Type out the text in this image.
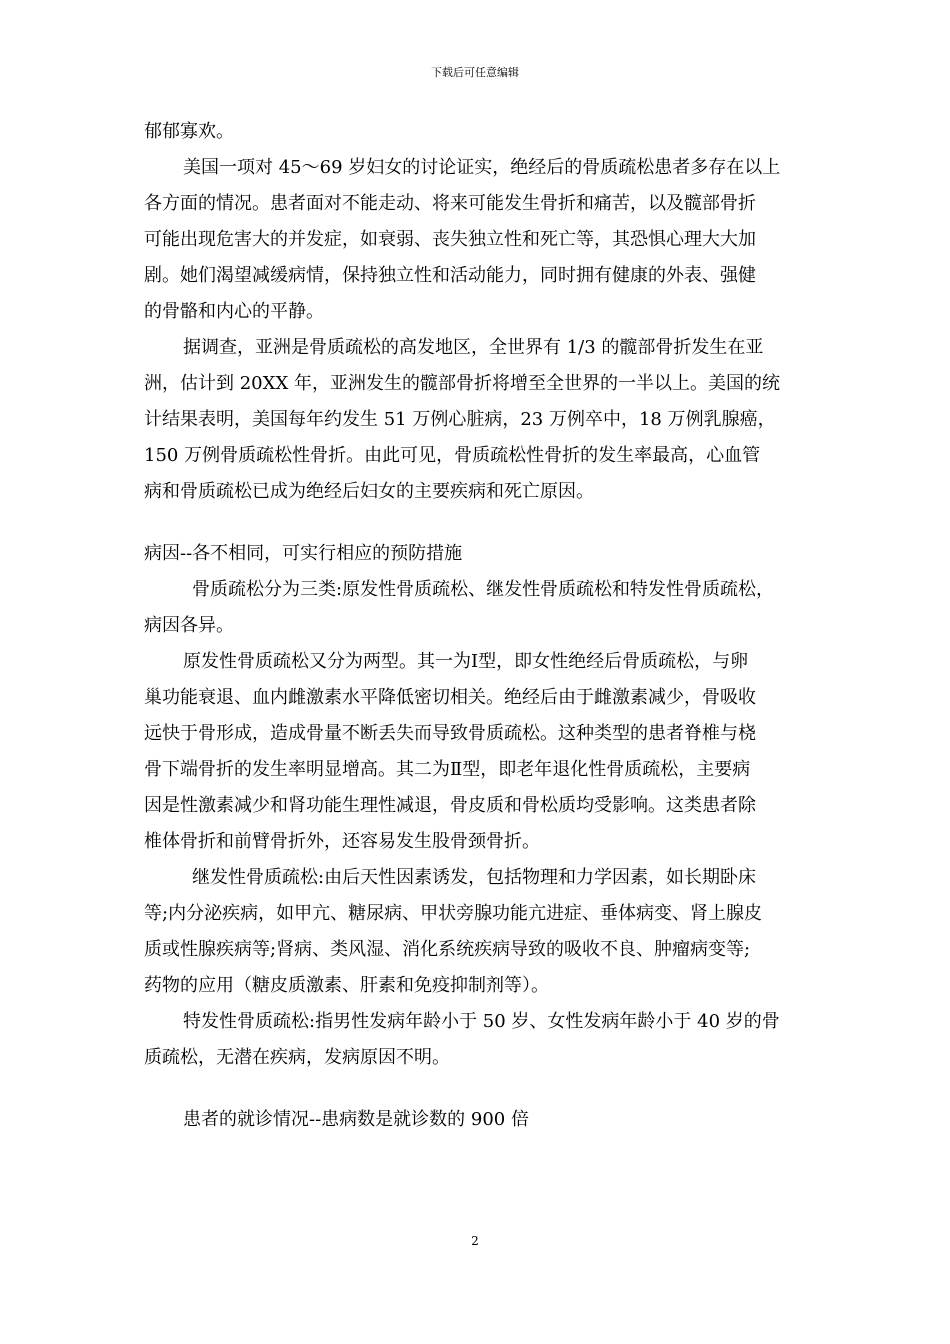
下载后可任意编辑
郁郁寡欢。
美国一项对 45～69 岁妇女的讨论证实，绝经后的骨质疏松患者多存在以上
各方面的情况。患者面对不能走动、将来可能发生骨折和痛苦，以及髋部骨折
可能出现危害大的并发症，如衰弱、丧失独立性和死亡等，其恐惧心理大大加
剧。她们渴望减缓病情，保持独立性和活动能力，同时拥有健康的外表、强健
的骨骼和内心的平静。
据调查，亚洲是骨质疏松的高发地区，全世界有 1/3 的髋部骨折发生在亚
洲，估计到 20XX 年，亚洲发生的髋部骨折将增至全世界的一半以上。美国的统
计结果表明，美国每年约发生 51 万例心脏病，23 万例卒中，18 万例乳腺癌，
150 万例骨质疏松性骨折。由此可见，骨质疏松性骨折的发生率最高，心血管
病和骨质疏松已成为绝经后妇女的主要疾病和死亡原因。
病因--各不相同，可实行相应的预防措施
骨质疏松分为三类:原发性骨质疏松、继发性骨质疏松和特发性骨质疏松，
病因各异。
原发性骨质疏松又分为两型。其一为Ⅰ型，即女性绝经后骨质疏松，与卵
巢功能衰退、血内雌激素水平降低密切相关。绝经后由于雌激素减少，骨吸收
远快于骨形成，造成骨量不断丢失而导致骨质疏松。这种类型的患者脊椎与桡
骨下端骨折的发生率明显增高。其二为Ⅱ型，即老年退化性骨质疏松，主要病
因是性激素减少和肾功能生理性减退，骨皮质和骨松质均受影响。这类患者除
椎体骨折和前臂骨折外，还容易发生股骨颈骨折。
继发性骨质疏松:由后天性因素诱发，包括物理和力学因素，如长期卧床
等;内分泌疾病，如甲亢、糖尿病、甲状旁腺功能亢进症、垂体病变、肾上腺皮
质或性腺疾病等;肾病、类风湿、消化系统疾病导致的吸收不良、肿瘤病变等;
药物的应用（糖皮质激素、肝素和免疫抑制剂等）。
特发性骨质疏松:指男性发病年龄小于 50 岁、女性发病年龄小于 40 岁的骨
质疏松，无潜在疾病，发病原因不明。
患者的就诊情况--患病数是就诊数的 900 倍
2
